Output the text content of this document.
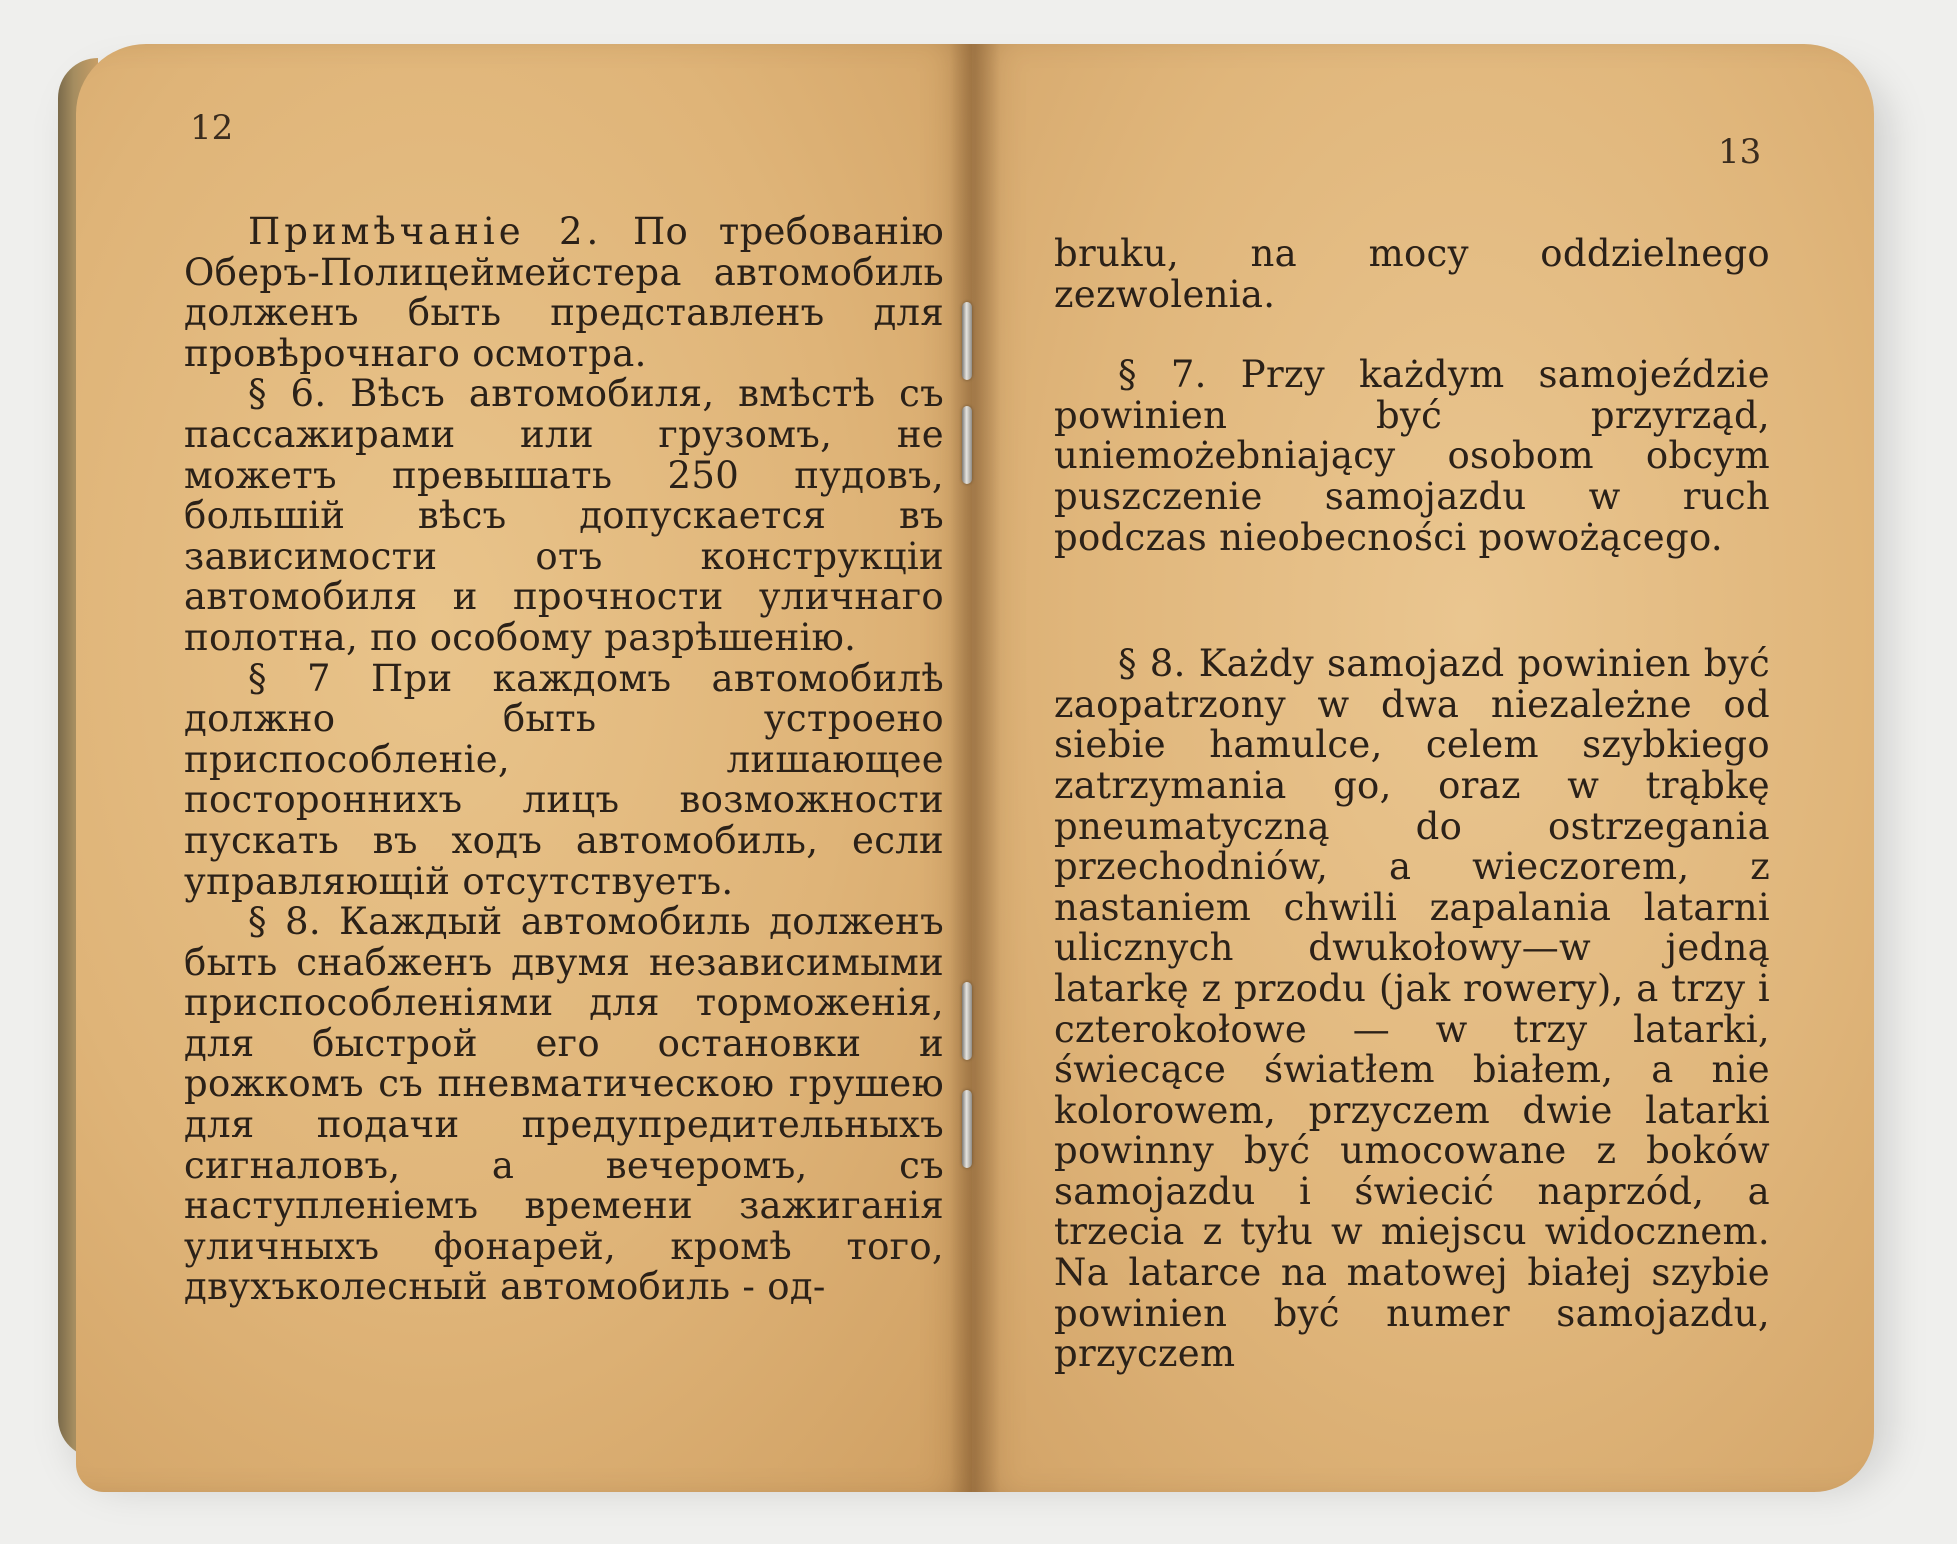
12

Примѣчаніе 2. По требованію Оберъ-Полицеймейстера автомобиль долженъ быть представленъ для провѣрочнаго осмотра.

§ 6. Вѣсъ автомобиля, вмѣстѣ съ пассажирами или грузомъ, не можетъ превышать 250 пудовъ, большій вѣсъ допускается въ зависимости отъ конструкціи автомобиля и прочности уличнаго полотна, по особому разрѣшенію.

§ 7 При каждомъ автомобилѣ должно быть устроено приспособленіе, лишающее постороннихъ лицъ возможности пускать въ ходъ автомобиль, если управляющій отсутствуетъ.

§ 8. Каждый автомобиль долженъ быть снабженъ двумя независимыми приспособленіями для торможенія, для быстрой его остановки и рожкомъ съ пневматическою грушею для подачи предупредительныхъ сигналовъ, а вечеромъ, съ наступленіемъ времени зажиганія уличныхъ фонарей, кромѣ того, двухъколесный автомобиль - од-

13

bruku, na mocy oddzielnego zezwolenia.

§ 7. Przy każdym samojeździe powinien być przyrząd, uniemożebniający osobom obcym puszczenie samojazdu w ruch podczas nieobecności powożącego.

§ 8. Każdy samojazd powinien być zaopatrzony w dwa niezależne od siebie hamulce, celem szybkiego zatrzymania go, oraz w trąbkę pneumatyczną do ostrzegania przechodniów, a wieczorem, z nastaniem chwili zapalania latarni ulicznych dwukołowy—w jedną latarkę z przodu (jak rowery), a trzy i czterokołowe — w trzy latarki, świecące światłem białem, a nie kolorowem, przyczem dwie latarki powinny być umocowane z boków samojazdu i świecić naprzód, a trzecia z tyłu w miejscu widocznem. Na latarce na matowej białej szybie powinien być numer samojazdu, przyczem
